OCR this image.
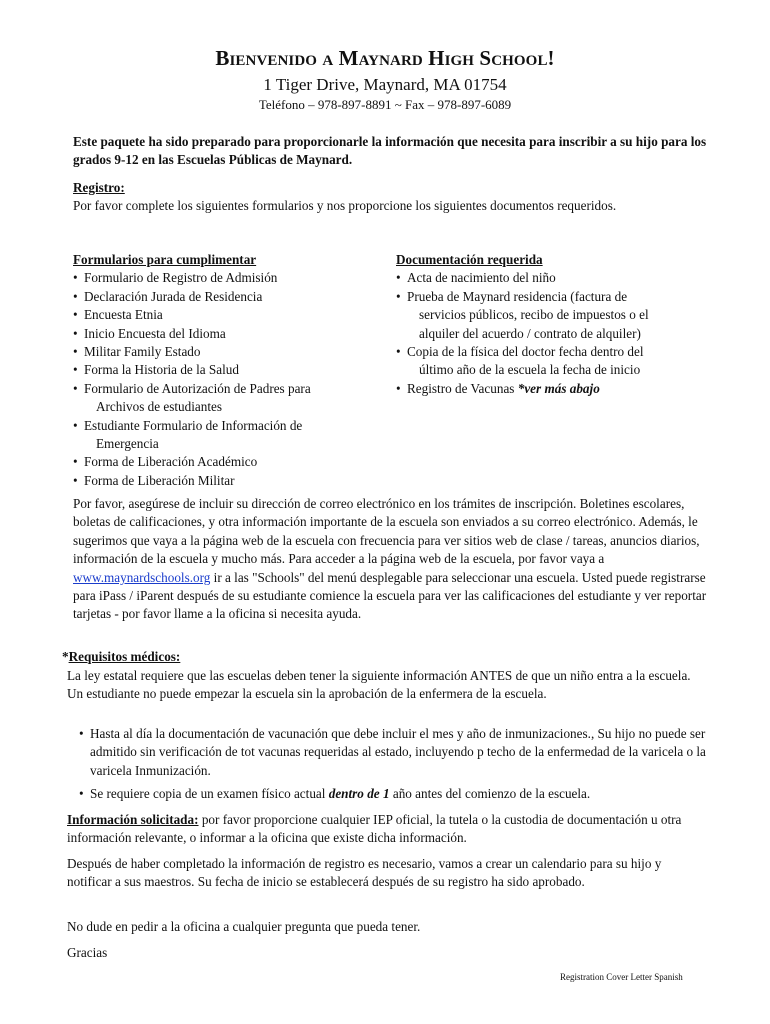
Bienvenido a Maynard High School!
1 Tiger Drive, Maynard, MA 01754
Teléfono – 978-897-8891 ~ Fax – 978-897-6089
Este paquete ha sido preparado para proporcionarle la información que necesita para inscribir a su hijo para los grados 9-12 en las Escuelas Públicas de Maynard.
Registro:
Por favor complete los siguientes formularios y nos proporcione los siguientes documentos requeridos.
Formularios para cumplimentar
• Formulario de Registro de Admisión
• Declaración Jurada de Residencia
• Encuesta Etnia
• Inicio Encuesta del Idioma
• Militar Family Estado
• Forma la Historia de la Salud
• Formulario de Autorización de Padres para
Archivos de estudiantes
• Estudiante Formulario de Información de
Emergencia
• Forma de Liberación Académico
• Forma de Liberación Militar
Documentación requerida
• Acta de nacimiento del niño
• Prueba de Maynard residencia (factura de
servicios públicos, recibo de impuestos o el
alquiler del acuerdo / contrato de alquiler)
• Copia de la física del doctor fecha dentro del
último año de la escuela la fecha de inicio
• Registro de Vacunas *ver más abajo
Por favor, asegúrese de incluir su dirección de correo electrónico en los trámites de inscripción. Boletines escolares, boletas de calificaciones, y otra información importante de la escuela son enviados a su correo electrónico. Además, le sugerimos que vaya a la página web de la escuela con frecuencia para ver sitios web de clase / tareas, anuncios diarios, información de la escuela y mucho más. Para acceder a la página web de la escuela, por favor vaya a www.maynardschools.org ir a las "Schools" del menú desplegable para seleccionar una escuela. Usted puede registrarse para iPass / iParent después de su estudiante comience la escuela para ver las calificaciones del estudiante y ver reportar tarjetas - por favor llame a la oficina si necesita ayuda.
*Requisitos médicos:
La ley estatal requiere que las escuelas deben tener la siguiente información ANTES de que un niño entra a la escuela. Un estudiante no puede empezar la escuela sin la aprobación de la enfermera de la escuela.
• Hasta al día la documentación de vacunación que debe incluir el mes y año de inmunizaciones., Su hijo no puede ser admitido sin verificación de tot vacunas requeridas al estado, incluyendo p techo de la enfermedad de la varicela o la varicela Inmunización.
• Se requiere copia de un examen físico actual dentro de 1 año antes del comienzo de la escuela.
Información solicitada: por favor proporcione cualquier IEP oficial, la tutela o la custodia de documentación u otra información relevante, o informar a la oficina que existe dicha información.
Después de haber completado la información de registro es necesario, vamos a crear un calendario para su hijo y notificar a sus maestros. Su fecha de inicio se establecerá después de su registro ha sido aprobado.
No dude en pedir a la oficina a cualquier pregunta que pueda tener.
Gracias
Registration Cover Letter Spanish
